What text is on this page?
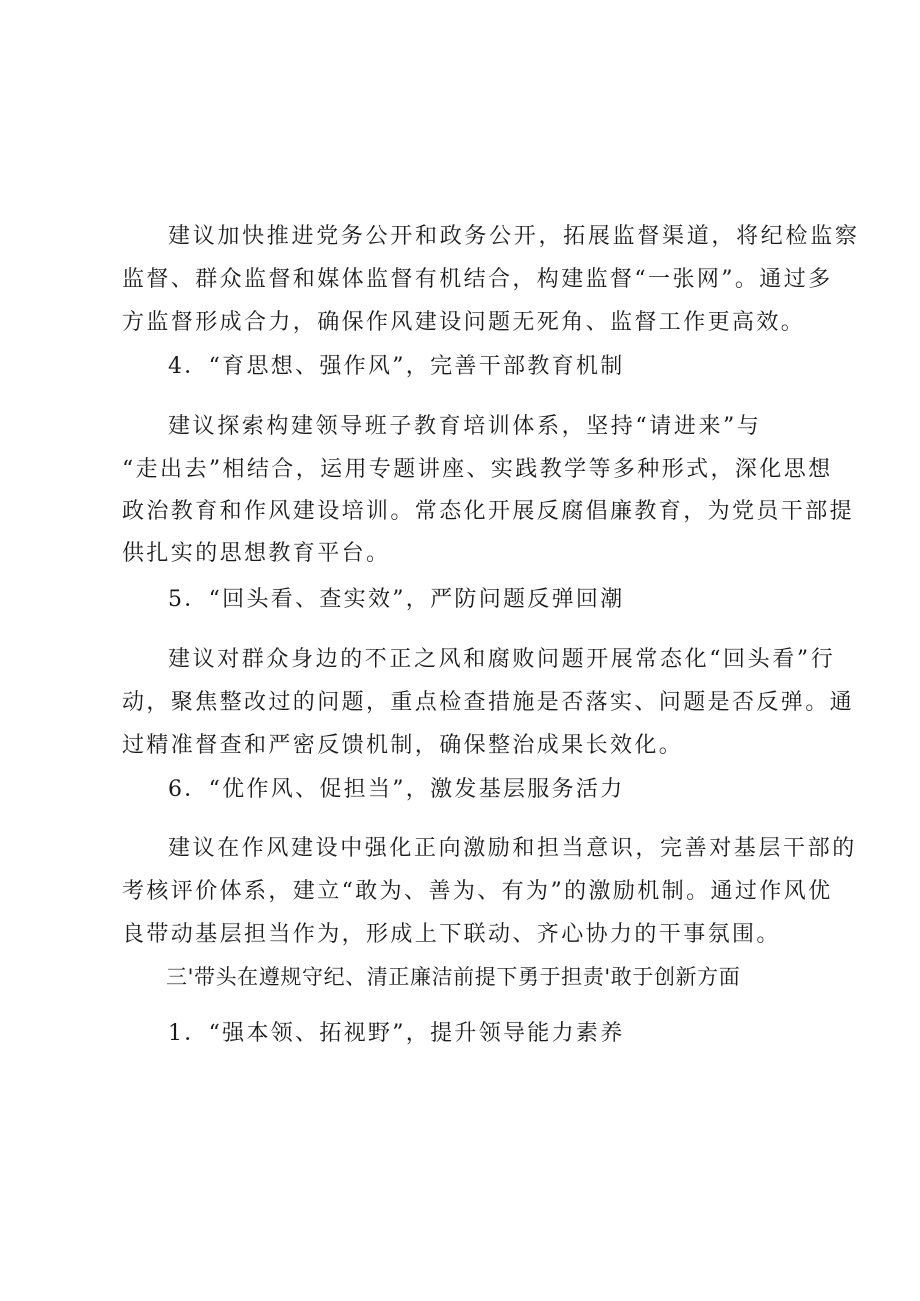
建议加快推进党务公开和政务公开，拓展监督渠道，将纪检监察
监督、群众监督和媒体监督有机结合，构建监督“一张网”。通过多
方监督形成合力，确保作风建设问题无死角、监督工作更高效。
4．“育思想、强作风”，完善干部教育机制
建议探索构建领导班子教育培训体系，坚持“请进来”与
“走出去”相结合，运用专题讲座、实践教学等多种形式，深化思想
政治教育和作风建设培训。常态化开展反腐倡廉教育，为党员干部提
供扎实的思想教育平台。
5．“回头看、查实效”，严防问题反弹回潮
建议对群众身边的不正之风和腐败问题开展常态化“回头看”行
动，聚焦整改过的问题，重点检查措施是否落实、问题是否反弹。通
过精准督查和严密反馈机制，确保整治成果长效化。
6．“优作风、促担当”，激发基层服务活力
建议在作风建设中强化正向激励和担当意识，完善对基层干部的
考核评价体系，建立“敢为、善为、有为”的激励机制。通过作风优
良带动基层担当作为，形成上下联动、齐心协力的干事氛围。
三'带头在遵规守纪、清正廉洁前提下勇于担责'敢于创新方面
1．“强本领、拓视野”，提升领导能力素养
